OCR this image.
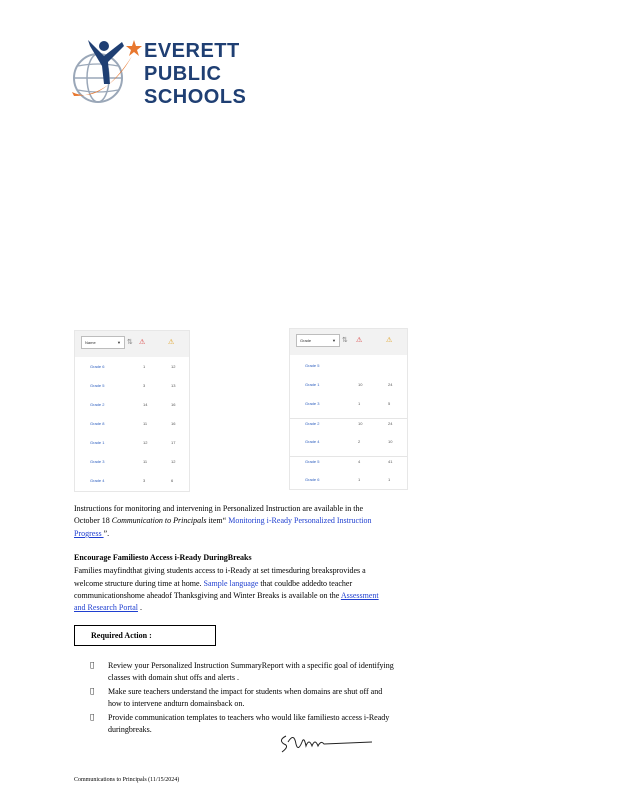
EVERETT
PUBLIC
SCHOOLS
Name	▼ ⇅ ⚠	⚠
Grade 6	1	12
Grade 5	3	13
Grade 2	14	16
Grade 8	11	16
Grade 1	12	17
Grade 3	11	12
Grade 4	3	6
Grade	▼ ⇅ ⚠	⚠
Grade 5
Grade 1	10	24
Grade 3	1	5
Grade 2	10	24
Grade 4	2	10
Grade 5	4	41
Grade 6	1	1
Instructions for monitoring and intervening in Personalized Instruction are available in the
October 18 Communication to Principals item“ Monitoring i-Ready Personalized Instruction
Progress ”.
Encourage Familiesto Access i-Ready DuringBreaks
Families mayfindthat giving students access to i-Ready at set timesduring breaksprovides a
welcome structure during time at home. Sample language that couldbe addedto teacher
communicationshome aheadof Thanksgiving and Winter Breaks is available on the Assessment
and Research Portal .
Required Action :
Review your Personalized Instruction SummaryReport with a specific goal of identifying
classes with domain shut offs and alerts .
Make sure teachers understand the impact for students when domains are shut off and
how to intervene andturn domainsback on.
Provide communication templates to teachers who would like familiesto access i-Ready
duringbreaks.
Communications to Principals (11/15/2024)
